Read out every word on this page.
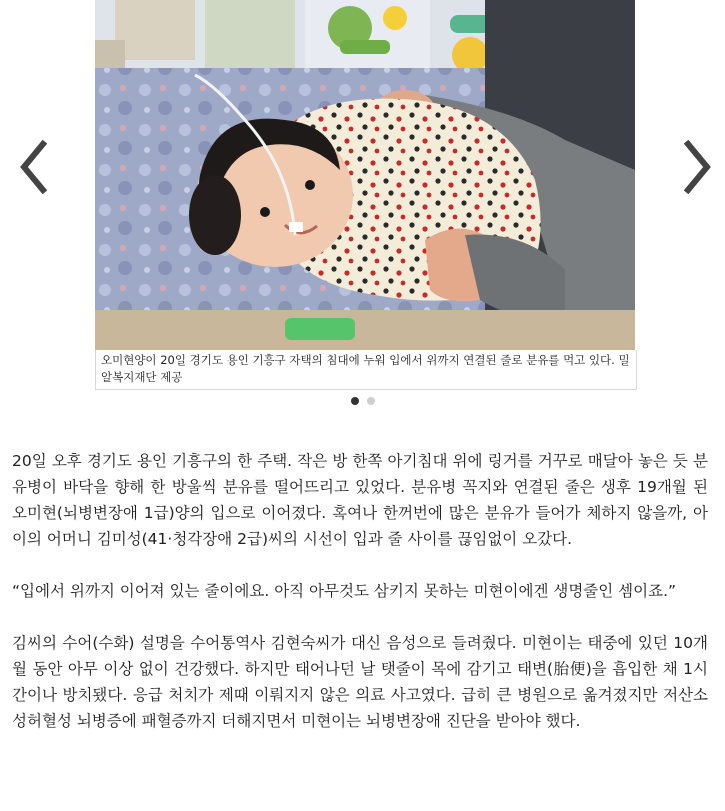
오미현양이 20일 경기도 용인 기흥구 자택의 침대에 누워 입에서 위까지 연결된 줄로 분유를 먹고 있다. 밀알복지재단 제공

20일 오후 경기도 용인 기흥구의 한 주택. 작은 방 한쪽 아기침대 위에 링거를 거꾸로 매달아 놓은 듯 분유병이 바닥을 향해 한 방울씩 분유를 떨어뜨리고 있었다. 분유병 꼭지와 연결된 줄은 생후 19개월 된 오미현(뇌병변장애 1급)양의 입으로 이어졌다. 혹여나 한꺼번에 많은 분유가 들어가 체하지 않을까, 아이의 어머니 김미성(41·청각장애 2급)씨의 시선이 입과 줄 사이를 끊임없이 오갔다.

“입에서 위까지 이어져 있는 줄이에요. 아직 아무것도 삼키지 못하는 미현이에겐 생명줄인 셈이죠.”

김씨의 수어(수화) 설명을 수어통역사 김현숙씨가 대신 음성으로 들려줬다. 미현이는 태중에 있던 10개월 동안 아무 이상 없이 건강했다. 하지만 태어나던 날 탯줄이 목에 감기고 태변(胎便)을 흡입한 채 1시간이나 방치됐다. 응급 처치가 제때 이뤄지지 않은 의료 사고였다. 급히 큰 병원으로 옮겨졌지만 저산소성허혈성 뇌병증에 패혈증까지 더해지면서 미현이는 뇌병변장애 진단을 받아야 했다.
